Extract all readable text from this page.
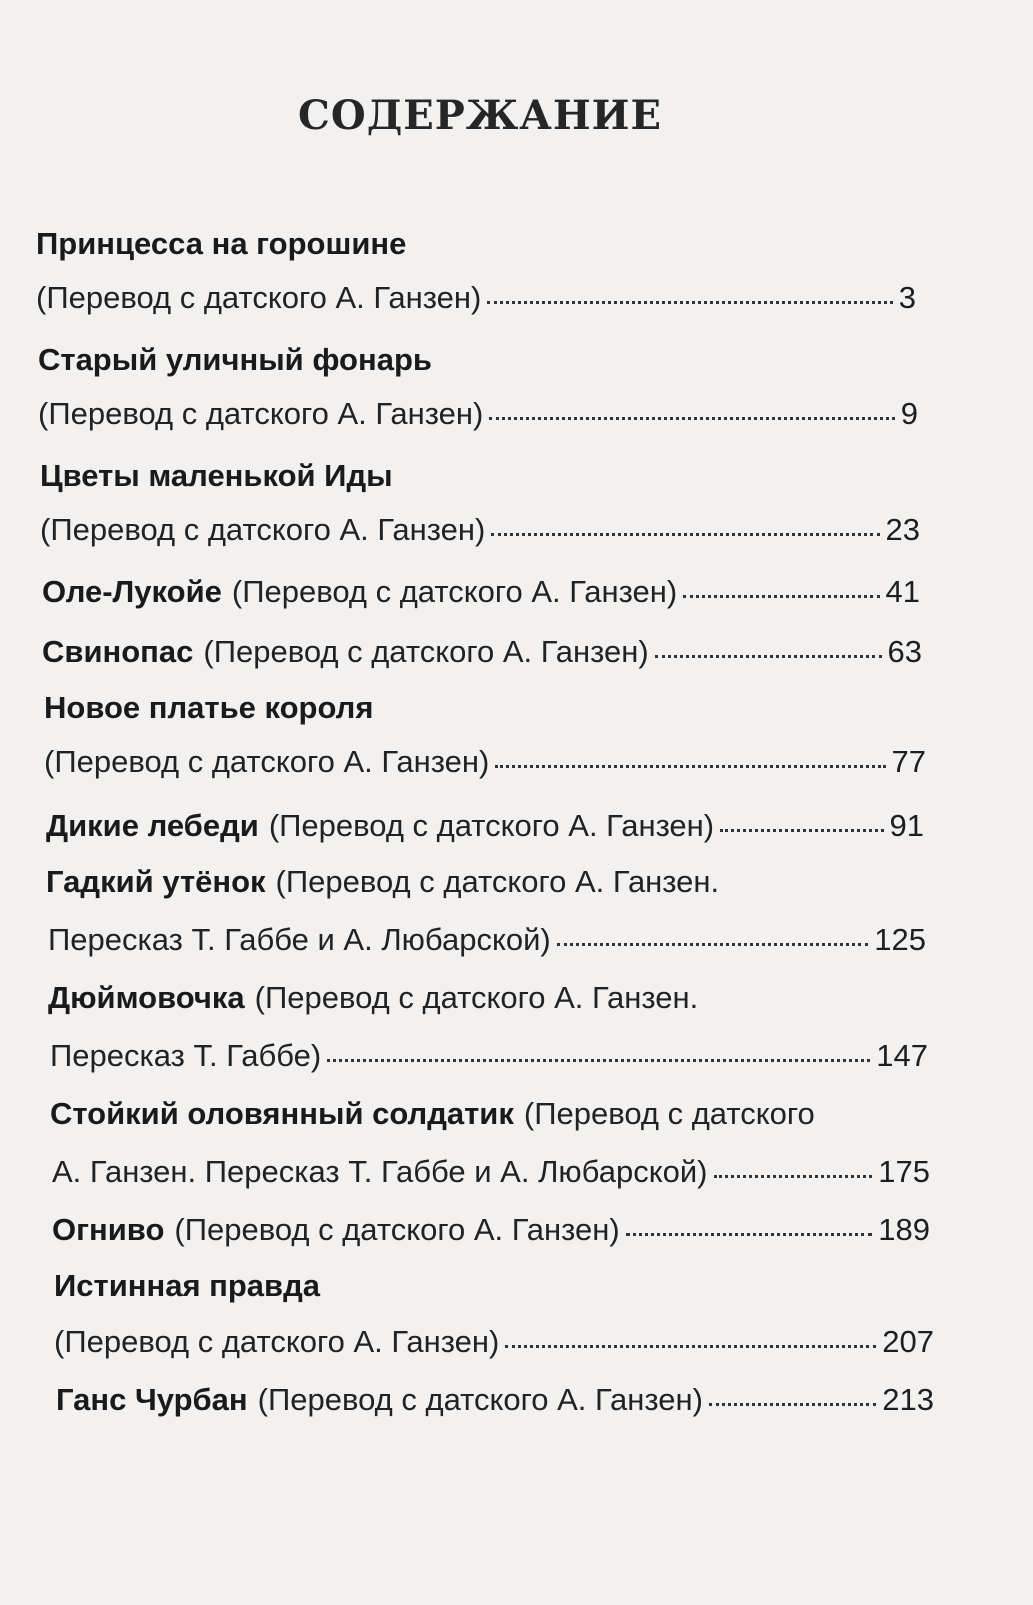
СОДЕРЖАНИЕ
Принцесса на горошине
(Перевод с датского А. Ганзен)	3
Старый уличный фонарь
(Перевод с датского А. Ганзен)	9
Цветы маленькой Иды
(Перевод с датского А. Ганзен)	23
Оле-Лукойе (Перевод с датского А. Ганзен)	41
Свинопас (Перевод с датского А. Ганзен)	63
Новое платье короля
(Перевод с датского А. Ганзен)	77
Дикие лебеди (Перевод с датского А. Ганзен)	91
Гадкий утёнок (Перевод с датского А. Ганзен.
Пересказ Т. Габбе и А. Любарской)	125
Дюймовочка (Перевод с датского А. Ганзен.
Пересказ Т. Габбе)	147
Стойкий оловянный солдатик (Перевод с датского
А. Ганзен. Пересказ Т. Габбе и А. Любарской)	175
Огниво (Перевод с датского А. Ганзен)	189
Истинная правда
(Перевод с датского А. Ганзен)	207
Ганс Чурбан (Перевод с датского А. Ганзен)	213
